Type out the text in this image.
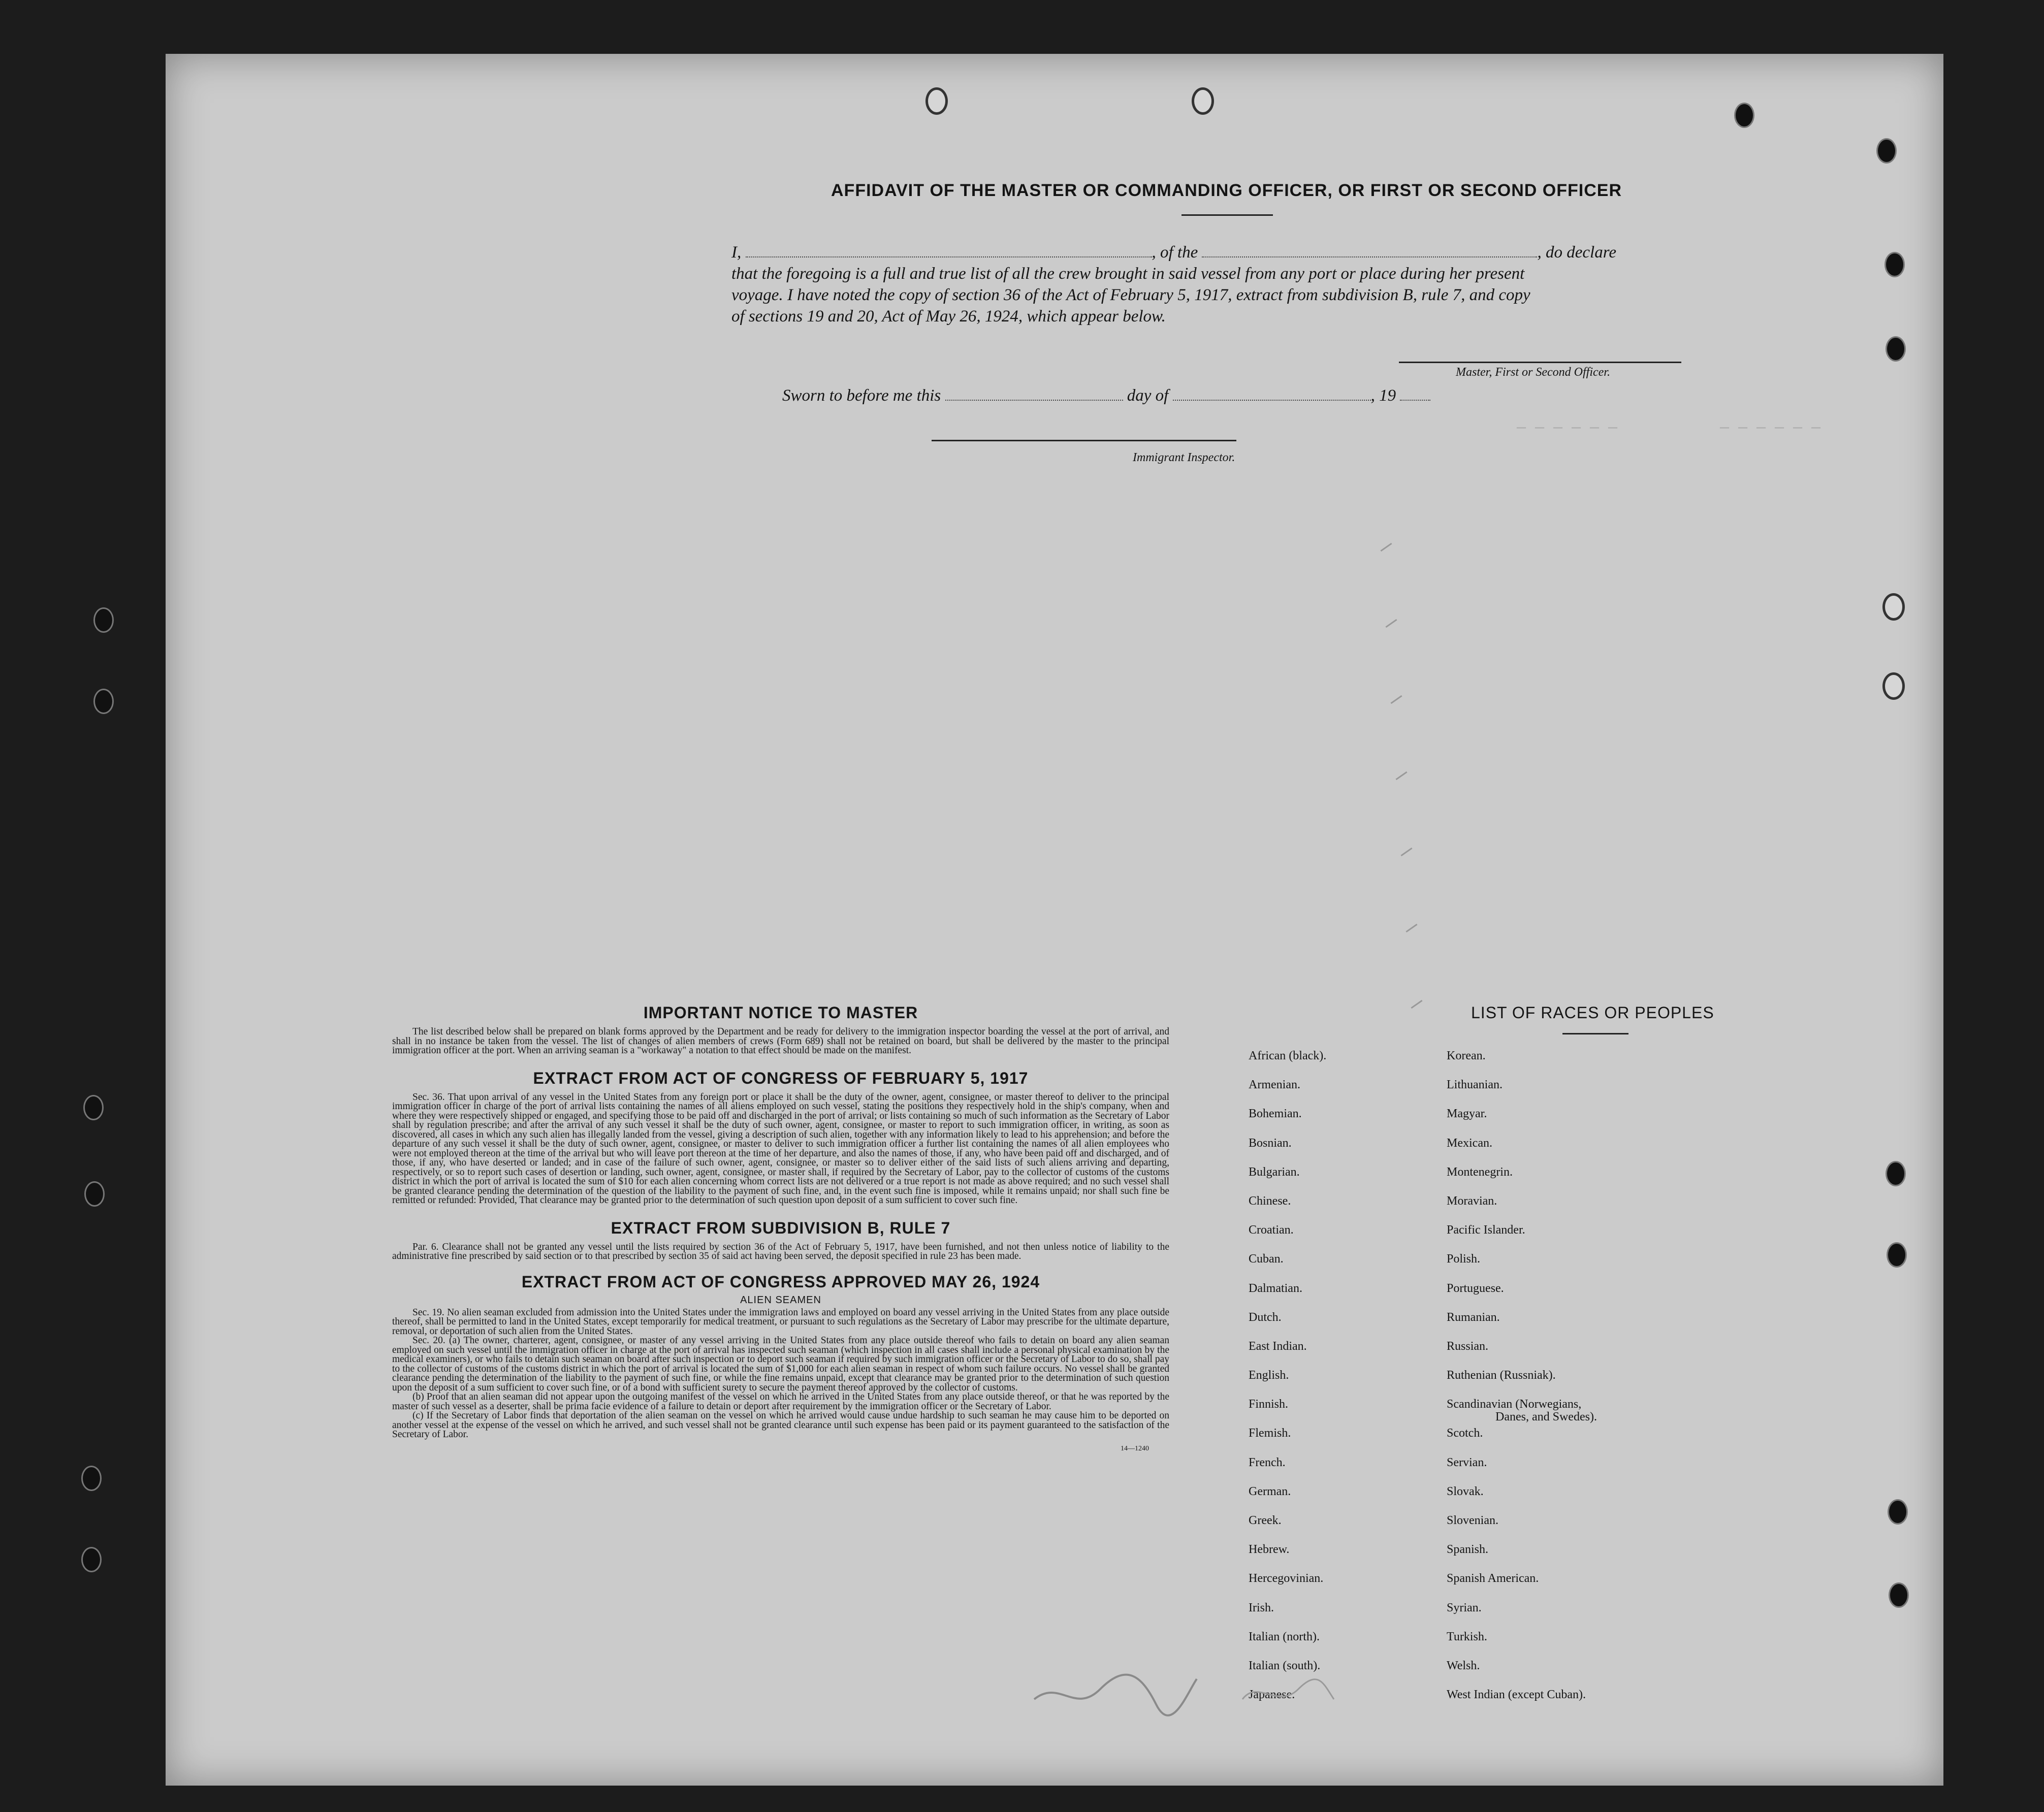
— — — — — —	— — — — — —
AFFIDAVIT OF THE MASTER OR COMMANDING OFFICER, OR FIRST OR SECOND OFFICER

I,	, of the	, do declare

that the foregoing is a full and true list of all the crew brought in said vessel from any port or place during her present

voyage. I have noted the copy of section 36 of the Act of February 5, 1917, extract from subdivision B, rule 7, and copy

of sections 19 and 20, Act of May 26, 1924, which appear below.

Master, First or Second Officer.
Sworn to before me this	day of	, 19
Immigrant Inspector.
IMPORTANT NOTICE TO MASTER

The list described below shall be prepared on blank forms approved by the Department and be ready for delivery to the immigration inspector boarding the vessel at the port of arrival, and shall in no instance be taken from the vessel. The list of changes of alien members of crews (Form 689) shall not be retained on board, but shall be delivered by the master to the principal immigration officer at the port. When an arriving seaman is a "workaway" a notation to that effect should be made on the manifest.

EXTRACT FROM ACT OF CONGRESS OF FEBRUARY 5, 1917

Sec. 36. That upon arrival of any vessel in the United States from any foreign port or place it shall be the duty of the owner, agent, consignee, or master thereof to deliver to the principal immigration officer in charge of the port of arrival lists containing the names of all aliens employed on such vessel, stating the positions they respectively hold in the ship's company, when and where they were respectively shipped or engaged, and specifying those to be paid off and discharged in the port of arrival; or lists containing so much of such information as the Secretary of Labor shall by regulation prescribe; and after the arrival of any such vessel it shall be the duty of such owner, agent, consignee, or master to report to such immigration officer, in writing, as soon as discovered, all cases in which any such alien has illegally landed from the vessel, giving a description of such alien, together with any information likely to lead to his apprehension; and before the departure of any such vessel it shall be the duty of such owner, agent, consignee, or master to deliver to such immigration officer a further list containing the names of all alien employees who were not employed thereon at the time of the arrival but who will leave port thereon at the time of her departure, and also the names of those, if any, who have been paid off and discharged, and of those, if any, who have deserted or landed; and in case of the failure of such owner, agent, consignee, or master so to deliver either of the said lists of such aliens arriving and departing, respectively, or so to report such cases of desertion or landing, such owner, agent, consignee, or master shall, if required by the Secretary of Labor, pay to the collector of customs of the customs district in which the port of arrival is located the sum of $10 for each alien concerning whom correct lists are not delivered or a true report is not made as above required; and no such vessel shall be granted clearance pending the determination of the question of the liability to the payment of such fine, and, in the event such fine is imposed, while it remains unpaid; nor shall such fine be remitted or refunded: Provided, That clearance may be granted prior to the determination of such question upon deposit of a sum sufficient to cover such fine.

EXTRACT FROM SUBDIVISION B, RULE 7

Par. 6. Clearance shall not be granted any vessel until the lists required by section 36 of the Act of February 5, 1917, have been furnished, and not then unless notice of liability to the administrative fine prescribed by said section or to that prescribed by section 35 of said act having been served, the deposit specified in rule 23 has been made.

EXTRACT FROM ACT OF CONGRESS APPROVED MAY 26, 1924
ALIEN SEAMEN

Sec. 19. No alien seaman excluded from admission into the United States under the immigration laws and employed on board any vessel arriving in the United States from any place outside thereof, shall be permitted to land in the United States, except temporarily for medical treatment, or pursuant to such regulations as the Secretary of Labor may prescribe for the ultimate departure, removal, or deportation of such alien from the United States.

Sec. 20. (a) The owner, charterer, agent, consignee, or master of any vessel arriving in the United States from any place outside thereof who fails to detain on board any alien seaman employed on such vessel until the immigration officer in charge at the port of arrival has inspected such seaman (which inspection in all cases shall include a personal physical examination by the medical examiners), or who fails to detain such seaman on board after such inspection or to deport such seaman if required by such immigration officer or the Secretary of Labor to do so, shall pay to the collector of customs of the customs district in which the port of arrival is located the sum of $1,000 for each alien seaman in respect of whom such failure occurs. No vessel shall be granted clearance pending the determination of the liability to the payment of such fine, or while the fine remains unpaid, except that clearance may be granted prior to the determination of such question upon the deposit of a sum sufficient to cover such fine, or of a bond with sufficient surety to secure the payment thereof approved by the collector of customs.

(b) Proof that an alien seaman did not appear upon the outgoing manifest of the vessel on which he arrived in the United States from any place outside thereof, or that he was reported by the master of such vessel as a deserter, shall be prima facie evidence of a failure to detain or deport after requirement by the immigration officer or the Secretary of Labor.

(c) If the Secretary of Labor finds that deportation of the alien seaman on the vessel on which he arrived would cause undue hardship to such seaman he may cause him to be deported on another vessel at the expense of the vessel on which he arrived, and such vessel shall not be granted clearance until such expense has been paid or its payment guaranteed to the satisfaction of the Secretary of Labor.

14—1240
LIST OF RACES OR PEOPLES
African (black).
Armenian.
Bohemian.
Bosnian.
Bulgarian.
Chinese.
Croatian.
Cuban.
Dalmatian.
Dutch.
East Indian.
English.
Finnish.
Flemish.
French.
German.
Greek.
Hebrew.
Hercegovinian.
Irish.
Italian (north).
Italian (south).
Japanese.
Korean.
Lithuanian.
Magyar.
Mexican.
Montenegrin.
Moravian.
Pacific Islander.
Polish.
Portuguese.
Rumanian.
Russian.
Ruthenian (Russniak).
Scandinavian (Norwegians,
Danes, and Swedes).
Scotch.
Servian.
Slovak.
Slovenian.
Spanish.
Spanish American.
Syrian.
Turkish.
Welsh.
West Indian (except Cuban).
